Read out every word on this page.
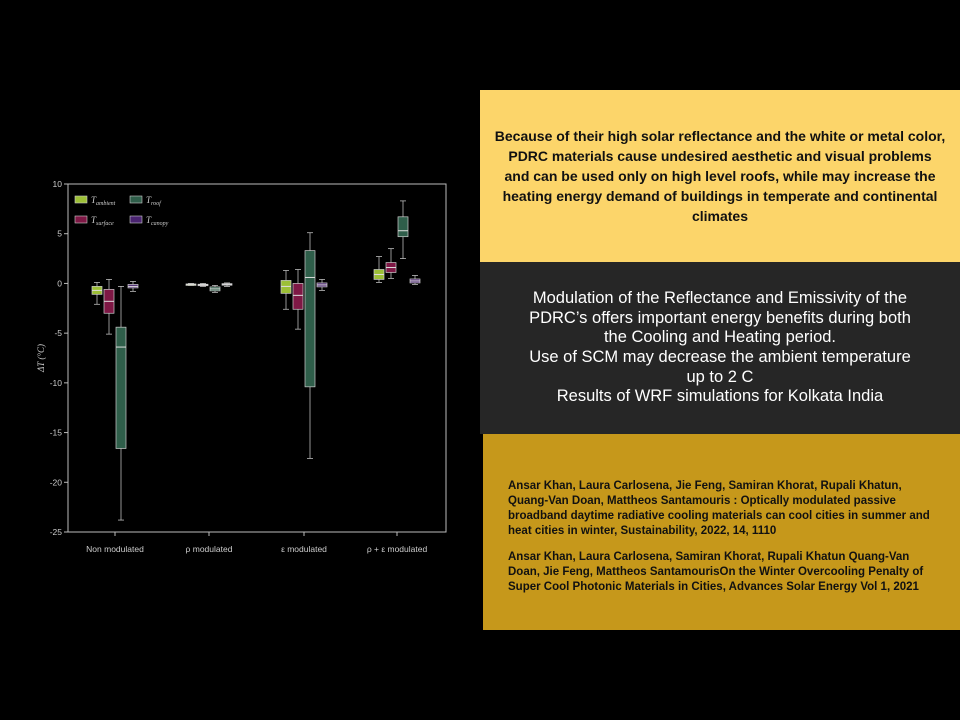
ΔT (°C)
10
5
0
-5
-10
-15
-20
-25
Non modulated	ρ modulated	ε modulated	ρ + ε modulated
$T_{ambient}$	$T_{roof}$
$T_{surface}$	$T_{canopy}$

Because of their high solar reflectance and the white or metal color, PDRC materials cause undesired aesthetic and visual problems and can be used only on high level roofs, while may increase the heating energy demand of buildings in temperate and continental climates

Modulation of the Reflectance and Emissivity of the
PDRC’s offers important energy benefits during both
the Cooling and Heating period.
Use of SCM may decrease the ambient temperature
up to 2 C
Results of WRF simulations for Kolkata India

Ansar Khan, Laura Carlosena, Jie Feng, Samiran Khorat, Rupali Khatun, Quang-Van Doan, Mattheos Santamouris : Optically modulated passive broadband daytime radiative cooling materials can cool cities in summer and heat cities in winter, Sustainability, 2022, 14, 1110
Ansar Khan, Laura Carlosena, Samiran Khorat, Rupali Khatun Quang-Van Doan, Jie Feng, Mattheos SantamourisOn the Winter Overcooling Penalty of Super Cool Photonic Materials in Cities, Advances Solar Energy Vol 1, 2021
